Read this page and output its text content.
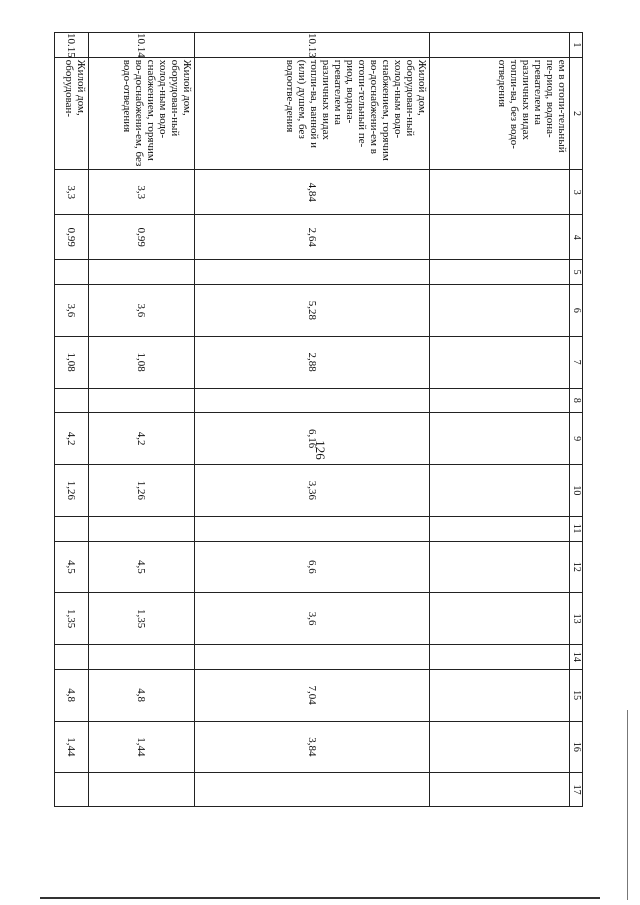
126
1	2	3	4	5	6	7	8	9	10	11	12	13	14	15	16	17
	ем в отопи-тельный пе-риод, водона-гревателем на различных видах топли-ва, без водо-отведения															
10.13	Жилой дом, оборудован-ный холод-ным водо-снабжением, горячим во-доснабжени-ем в отопи-тельный пе-риод, водона-гревателем на различных видах топли-ва, ванной и (или) душем, без водоотве-дения	4,84	2,64		5,28	2,88		6,16	3,36		6,6	3,6		7,04	3,84	
10.14	Жилой дом, оборудован-ный холод-ным водо-снабжением, горячим во-доснабжени-ем, без водо-отведения	3,3	0,99		3,6	1,08		4,2	1,26		4,5	1,35		4,8	1,44	
10.15	Жилой дом, оборудован-	3,3	0,99		3,6	1,08		4,2	1,26		4,5	1,35		4,8	1,44	
